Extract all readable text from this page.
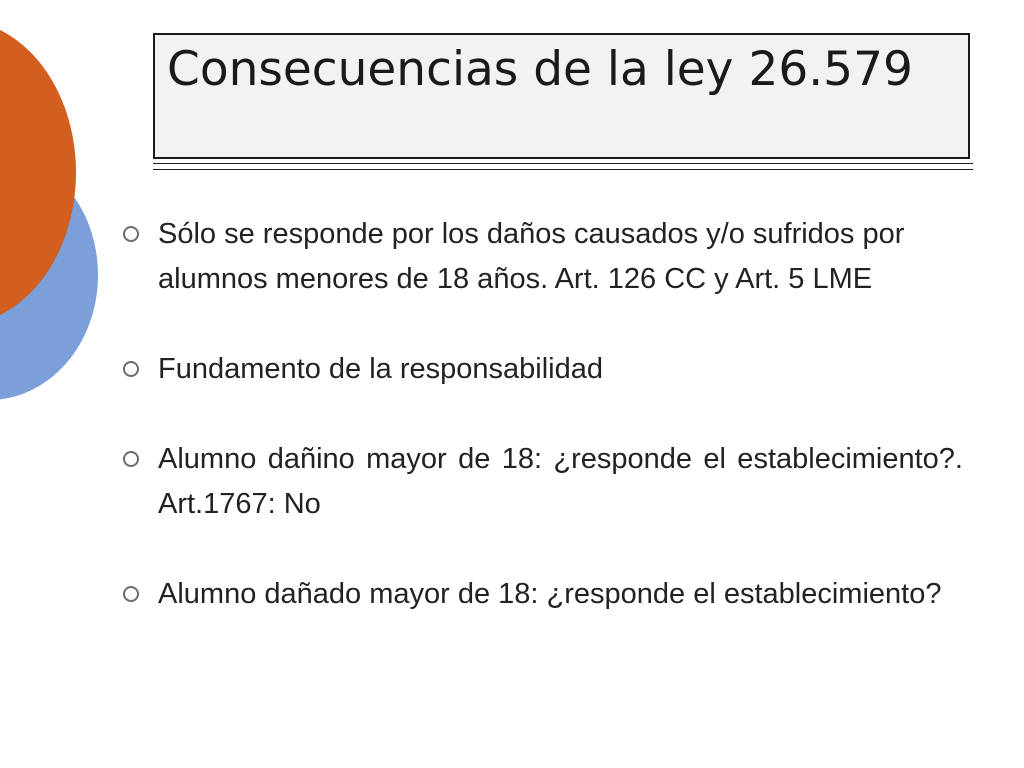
Consecuencias de la ley 26.579
Sólo se responde por los daños causados y/o sufridos por alumnos menores de 18 años. Art. 126 CC y Art. 5 LME
Fundamento de la responsabilidad
Alumno dañino mayor de 18: ¿responde el establecimiento?. Art.1767: No
Alumno dañado mayor de 18: ¿responde el establecimiento?
